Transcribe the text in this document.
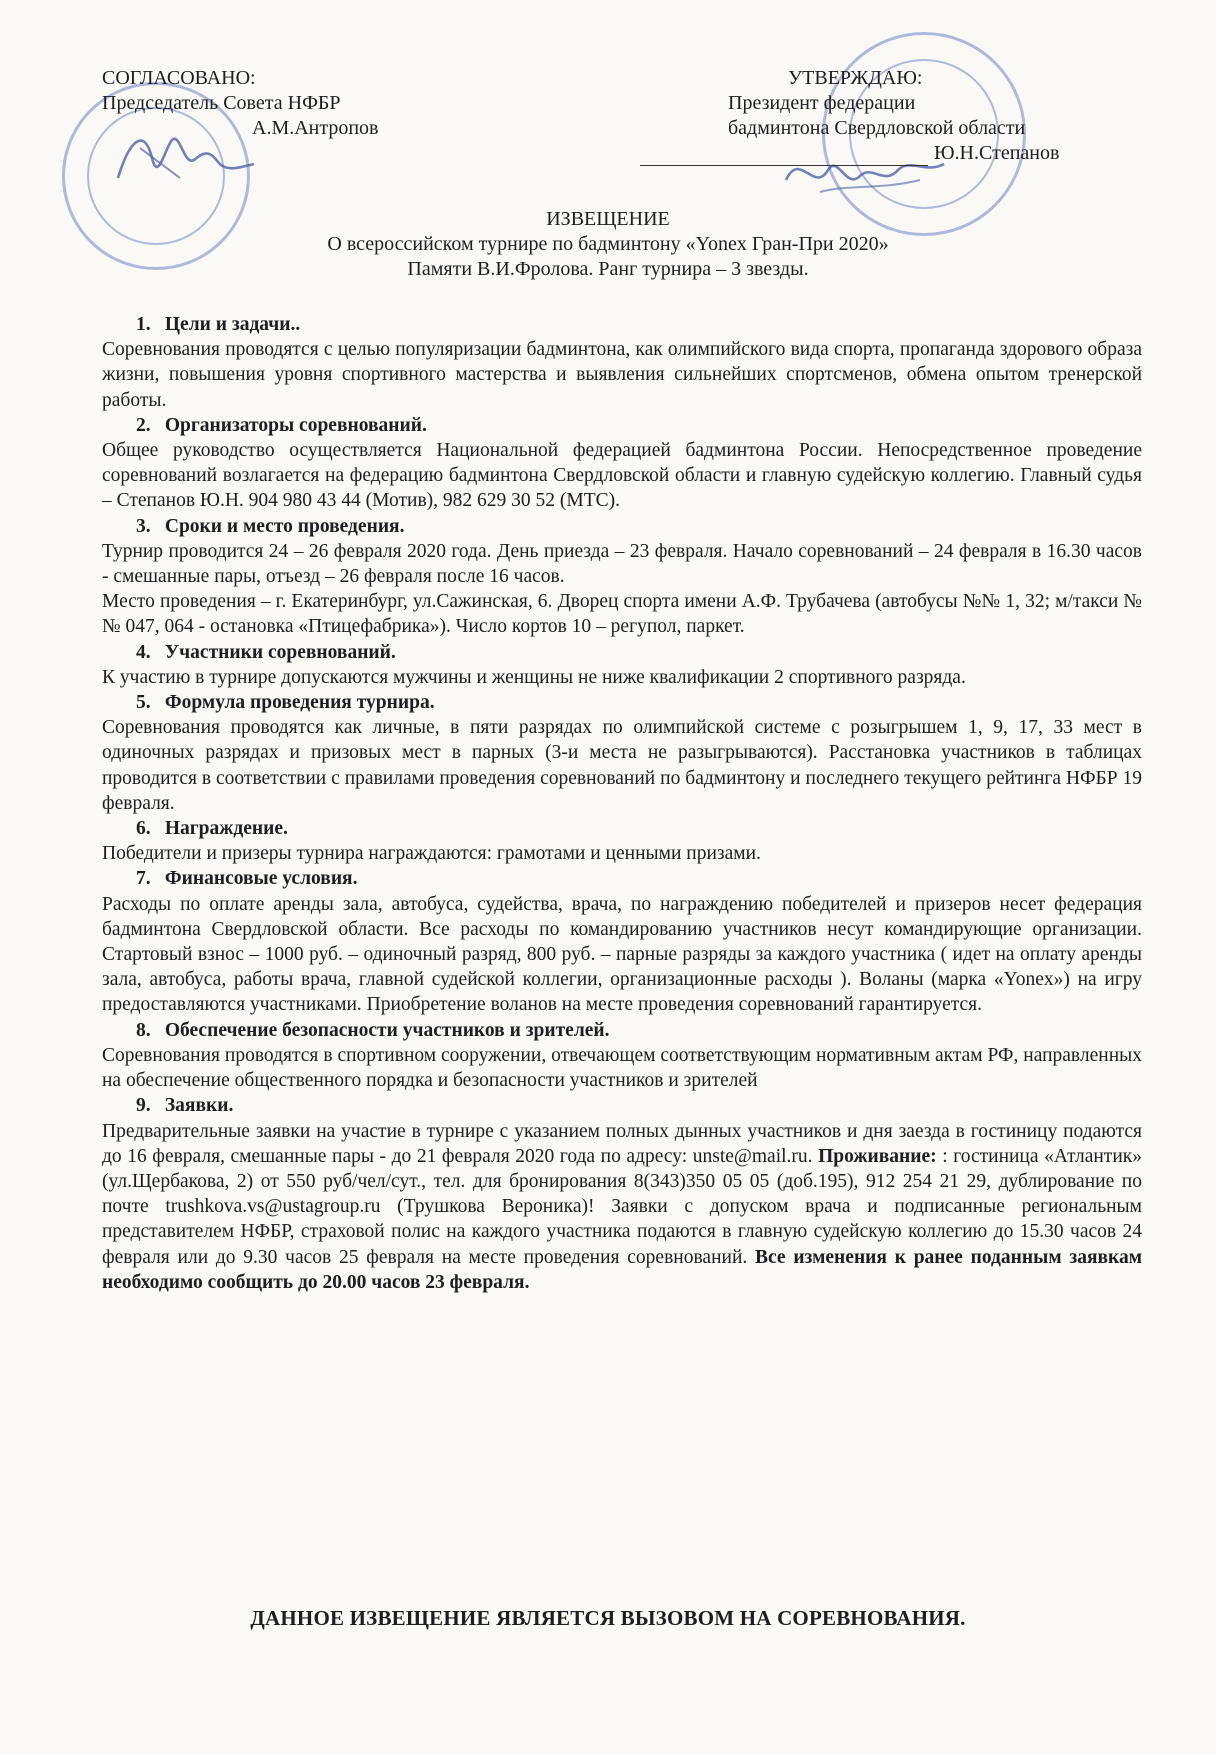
СОГЛАСОВАНО:
Председатель Совета НФБР
А.М.Антропов
УТВЕРЖДАЮ:
Президент федерации
бадминтона Свердловской области
Ю.Н.Степанов
ИЗВЕЩЕНИЕ
О всероссийском турнире по бадминтону «Yonex Гран-При 2020»
Памяти В.И.Фролова. Ранг турнира – 3 звезды.

1. Цели и задачи..

Соревнования проводятся с целью популяризации бадминтона, как олимпийского вида спорта, пропаганда здорового образа жизни, повышения уровня спортивного мастерства и выявления сильнейших спортсменов, обмена опытом тренерской работы.

2. Организаторы соревнований.

Общее руководство осуществляется Национальной федерацией бадминтона России. Непосредственное проведение соревнований возлагается на федерацию бадминтона Свердловской области и главную судейскую коллегию. Главный судья – Степанов Ю.Н. 904 980 43 44 (Мотив), 982 629 30 52 (МТС).

3. Сроки и место проведения.

Турнир проводится 24 – 26 февраля 2020 года. День приезда – 23 февраля. Начало соревнований – 24 февраля в 16.30 часов - смешанные пары, отъезд – 26 февраля после 16 часов.

Место проведения – г. Екатеринбург, ул.Сажинская, 6. Дворец спорта имени А.Ф. Трубачева (автобусы №№ 1, 32; м/такси №№ 047, 064 - остановка «Птицефабрика»). Число кортов 10 – регупол, паркет.

4. Участники соревнований.

К участию в турнире допускаются мужчины и женщины не ниже квалификации 2 спортивного разряда.

5. Формула проведения турнира.

Соревнования проводятся как личные, в пяти разрядах по олимпийской системе с розыгрышем 1, 9, 17, 33 мест в одиночных разрядах и призовых мест в парных (3-и места не разыгрываются). Расстановка участников в таблицах проводится в соответствии с правилами проведения соревнований по бадминтону и последнего текущего рейтинга НФБР 19 февраля.

6. Награждение.

Победители и призеры турнира награждаются: грамотами и ценными призами.

7. Финансовые условия.

Расходы по оплате аренды зала, автобуса, судейства, врача, по награждению победителей и призеров несет федерация бадминтона Свердловской области. Все расходы по командированию участников несут командирующие организации. Стартовый взнос – 1000 руб. – одиночный разряд, 800 руб. – парные разряды за каждого участника ( идет на оплату аренды зала, автобуса, работы врача, главной судейской коллегии, организационные расходы ). Воланы (марка «Yonex») на игру предоставляются участниками. Приобретение воланов на месте проведения соревнований гарантируется.

8. Обеспечение безопасности участников и зрителей.

Соревнования проводятся в спортивном сооружении, отвечающем соответствующим нормативным актам РФ, направленных на обеспечение общественного порядка и безопасности участников и зрителей

9. Заявки.

Предварительные заявки на участие в турнире с указанием полных дынных участников и дня заезда в гостиницу подаются до 16 февраля, смешанные пары - до 21 февраля 2020 года по адресу: unste@mail.ru. Проживание: : гостиница «Атлантик» (ул.Щербакова, 2) от 550 руб/чел/сут., тел. для бронирования 8(343)350 05 05 (доб.195), 912 254 21 29, дублирование по почте trushkova.vs@ustagroup.ru (Трушкова Вероника)! Заявки с допуском врача и подписанные региональным представителем НФБР, страховой полис на каждого участника подаются в главную судейскую коллегию до 15.30 часов 24 февраля или до 9.30 часов 25 февраля на месте проведения соревнований. Все изменения к ранее поданным заявкам необходимо сообщить до 20.00 часов 23 февраля.

ДАННОЕ ИЗВЕЩЕНИЕ ЯВЛЯЕТСЯ ВЫЗОВОМ НА СОРЕВНОВАНИЯ.
